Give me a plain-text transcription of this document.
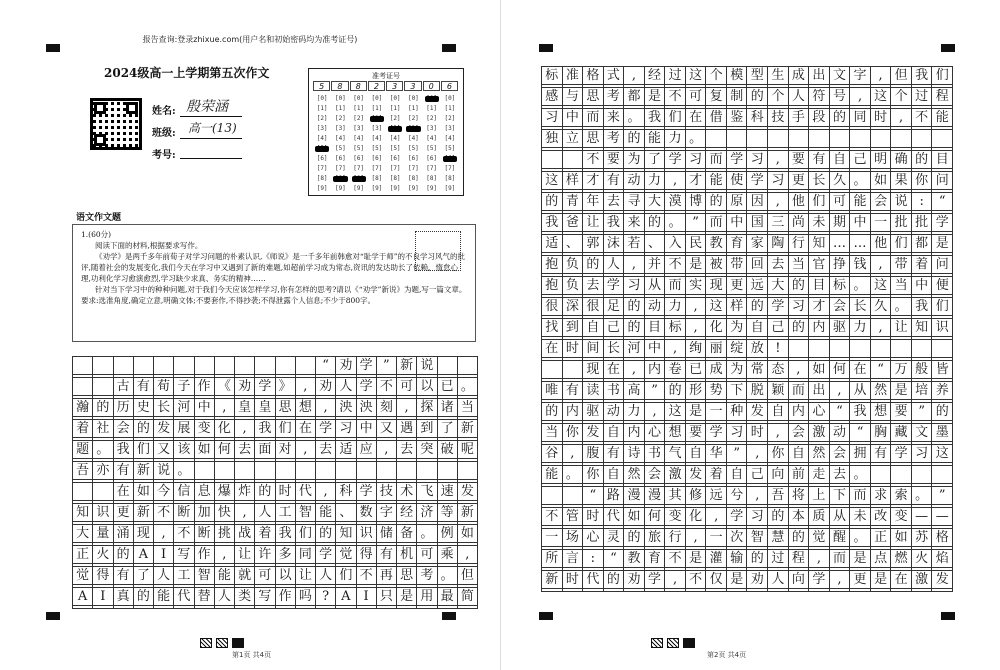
报告查询:登录zhixue.com(用户名和初始密码均为准考证号)
2024级高一上学期第五次作文
姓名: 殷荣涵
班级: 高一(13)
考号:
准考证号
5	8	8	2	3	3	0	6
[0]	[0]	[0]	[0]	[0]	[0]	[0]	[0]
[1]	[1]	[1]	[1]	[1]	[1]	[1]	[1]
[2]	[2]	[2]	[2]	[2]	[2]	[2]	[2]
[3]	[3]	[3]	[3]	[3] [3]	[3]	[3]
[4]	[4]	[4]	[4]	[4]	[4]	[4]	[4]
[5]	[5]	[5]	[5]	[5]	[5]	[5]	[5]
[6]	[6]	[6]	[6]	[6]	[6]	[6]	[6]
[7]	[7]	[7]	[7]	[7]	[7]	[7]	[7]
[8]	[8] [8]	[8]	[8]	[8]	[8]	[8]
[9]	[9]	[9]	[9]	[9]	[9]	[9]	[9]
语文作文题

1.(60分)

阅读下面的材料,根据要求写作。

《劝学》是两千多年前荀子对学习问题的朴素认识,《师说》是一千多年前韩愈对“耻学于师”的不良学习风气的批评,随着社会的发展变化,我们今天在学习中又遇到了新的难题,如超前学习成为常态,资讯的发达助长了依赖、惰怠心理,功利化学习愈演愈烈,学习缺少求真、务实的精神……

针对当下学习中的种种问题,对于我们今天应该怎样学习,你有怎样的思考?请以《“劝学”新说》为题,写一篇文章。

要求:选准角度,确定立意,明确文体;不要套作,不得抄袭;不得泄露个人信息;不少于800字。

“ 劝 学 ” 新 说
古 有 荀 子 作 《 劝 学 》 , 劝 人 学 不 可 以 已 。
瀚 的 历 史 长 河 中 , 皇 皇 思 想 , 泱 泱 刻 , 探 诸 当
着 社 会 的 发 展 变 化 , 我 们 在 学 习 中 又 遇 到 了 新
题 。 我 们 又 该 如 何 去 面 对 , 去 适 应 , 去 突 破 呢
吾 亦 有 新 说 。
在 如 今 信 息 爆 炸 的 时 代 , 科 学 技 术 飞 速 发
知 识 更 新 不 断 加 快 , 人 工 智 能 、 数 字 经 济 等 新
大 量 涌 现 , 不 断 挑 战 着 我 们 的 知 识 储 备 。 例 如
正 火 的 A I 写 作 , 让 许 多 同 学 觉 得 有 机 可 乘 ,
觉 得 有 了 人 工 智 能 就 可 以 让 人 们 不 再 思 考 。 但
A I 真 的 能 代 替 人 类 写 作 吗 ? A I 只 是 用 最 简
第1页 共4页
标 准 格 式 , 经 过 这 个 模 型 生 成 出 文 字 , 但 我 们
感 与 思 考 都 是 不 可 复 制 的 个 人 符 号 , 这 个 过 程
习 中 而 来 。 我 们 在 借 鉴 科 技 手 段 的 同 时 , 不 能
独 立 思 考 的 能 力 。
不 要 为 了 学 习 而 学 习 , 要 有 自 己 明 确 的 目
这 样 才 有 动 力 , 才 能 使 学 习 更 长 久 。 如 果 你 问
的 青 年 去 寻 大 漠 博 的 原 因 , 他 们 可 能 会 说 :	“
我 爸 让 我 来 的 。 ” 而 中 国 三 尚 未 期 中 一 批 批 学
适 、 郭 沫 若 、 入 民 教 育 家 陶 行 知 … … 他 们 都 是
抱 负 的 人 , 并 不 是 被 带 回 去 当 官 挣 钱 , 带 着 问
抱 负 去 学 习 从 而 实 现 更 远 大 的 目 标 。 这 当 中 便
很 深 很 足 的 动 力 , 这 样 的 学 习 才 会 长 久 。 我 们
找 到 自 己 的 目 标 , 化 为 自 己 的 内 驱 力 , 让 知 识
在 时 间 长 河 中 , 绚 丽 绽 放 !
现 在 , 内 卷 已 成 为 常 态 , 如 何 在 “ 万 般 皆
唯 有 读 书 高 ” 的 形 势 下 脱 颖 而 出 , 从 然 是 培 养
的 内 驱 动 力 , 这 是 一 种 发 自 内 心 “ 我 想 要 ” 的
当 你 发 自 内 心 想 要 学 习 时 , 会 激 动 “ 胸 藏 文 墨
谷 , 腹 有 诗 书 气 自 华 ”	, 你 自 然 会 拥 有 学 习 这
能 。 你 自 然 会 激 发 着 自 己 向 前 走 去 。
“ 路 漫 漫 其 修 远 兮 , 吾 将 上 下 而 求 索 。 ”
不 管 时 代 如 何 变 化 , 学 习 的 本 质 从 未 改 变 — —
一 场 心 灵 的 旅 行 , 一 次 智 慧 的 觉 醒 。 正 如 苏 格
所 言 :	“ 教 育 不 是 灌 输 的 过 程 , 而 是 点 燃 火 焰
新 时 代 的 劝 学 , 不 仅 是 劝 人 向 学 , 更 是 在 激 发
第2页 共4页
